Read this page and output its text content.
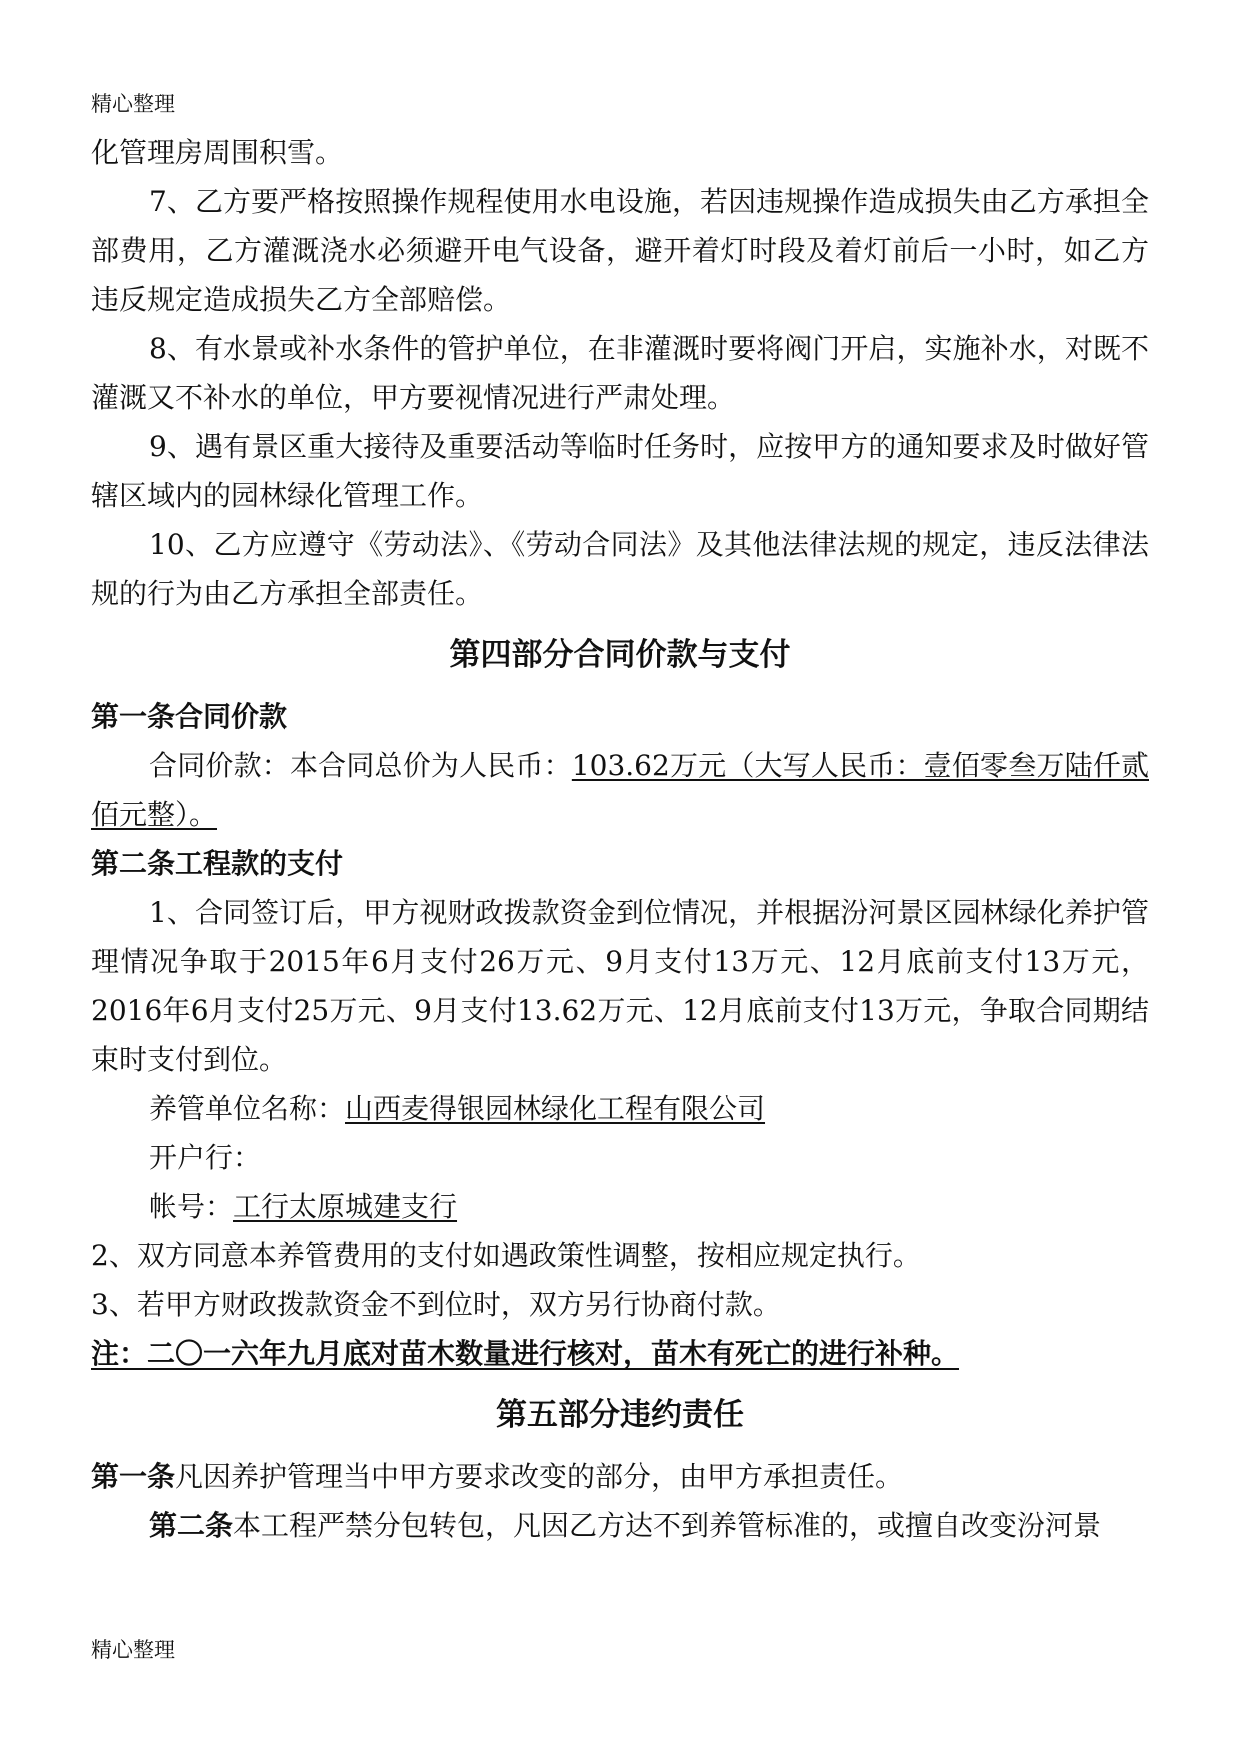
精心整理

化管理房周围积雪。

7、乙方要严格按照操作规程使用水电设施，若因违规操作造成损失由乙方承担全部费用，乙方灌溉浇水必须避开电气设备，避开着灯时段及着灯前后一小时，如乙方违反规定造成损失乙方全部赔偿。

8、有水景或补水条件的管护单位，在非灌溉时要将阀门开启，实施补水，对既不灌溉又不补水的单位，甲方要视情况进行严肃处理。

9、遇有景区重大接待及重要活动等临时任务时，应按甲方的通知要求及时做好管辖区域内的园林绿化管理工作。

10、乙方应遵守《劳动法》、《劳动合同法》及其他法律法规的规定，违反法律法规的行为由乙方承担全部责任。

第四部分合同价款与支付

第一条合同价款

合同价款：本合同总价为人民币：103.62万元（大写人民币：壹佰零叁万陆仟贰佰元整）。

第二条工程款的支付

1、合同签订后，甲方视财政拨款资金到位情况，并根据汾河景区园林绿化养护管理情况争取于2015年6月支付26万元、9月支付13万元、12月底前支付13万元，2016年6月支付25万元、9月支付13.62万元、12月底前支付13万元，争取合同期结束时支付到位。

养管单位名称：山西麦得银园林绿化工程有限公司

开户行：

帐号：工行太原城建支行

2、双方同意本养管费用的支付如遇政策性调整，按相应规定执行。

3、若甲方财政拨款资金不到位时，双方另行协商付款。

注：二〇一六年九月底对苗木数量进行核对，苗木有死亡的进行补种。

第五部分违约责任

第一条凡因养护管理当中甲方要求改变的部分，由甲方承担责任。

第二条本工程严禁分包转包，凡因乙方达不到养管标准的，或擅自改变汾河景

精心整理
